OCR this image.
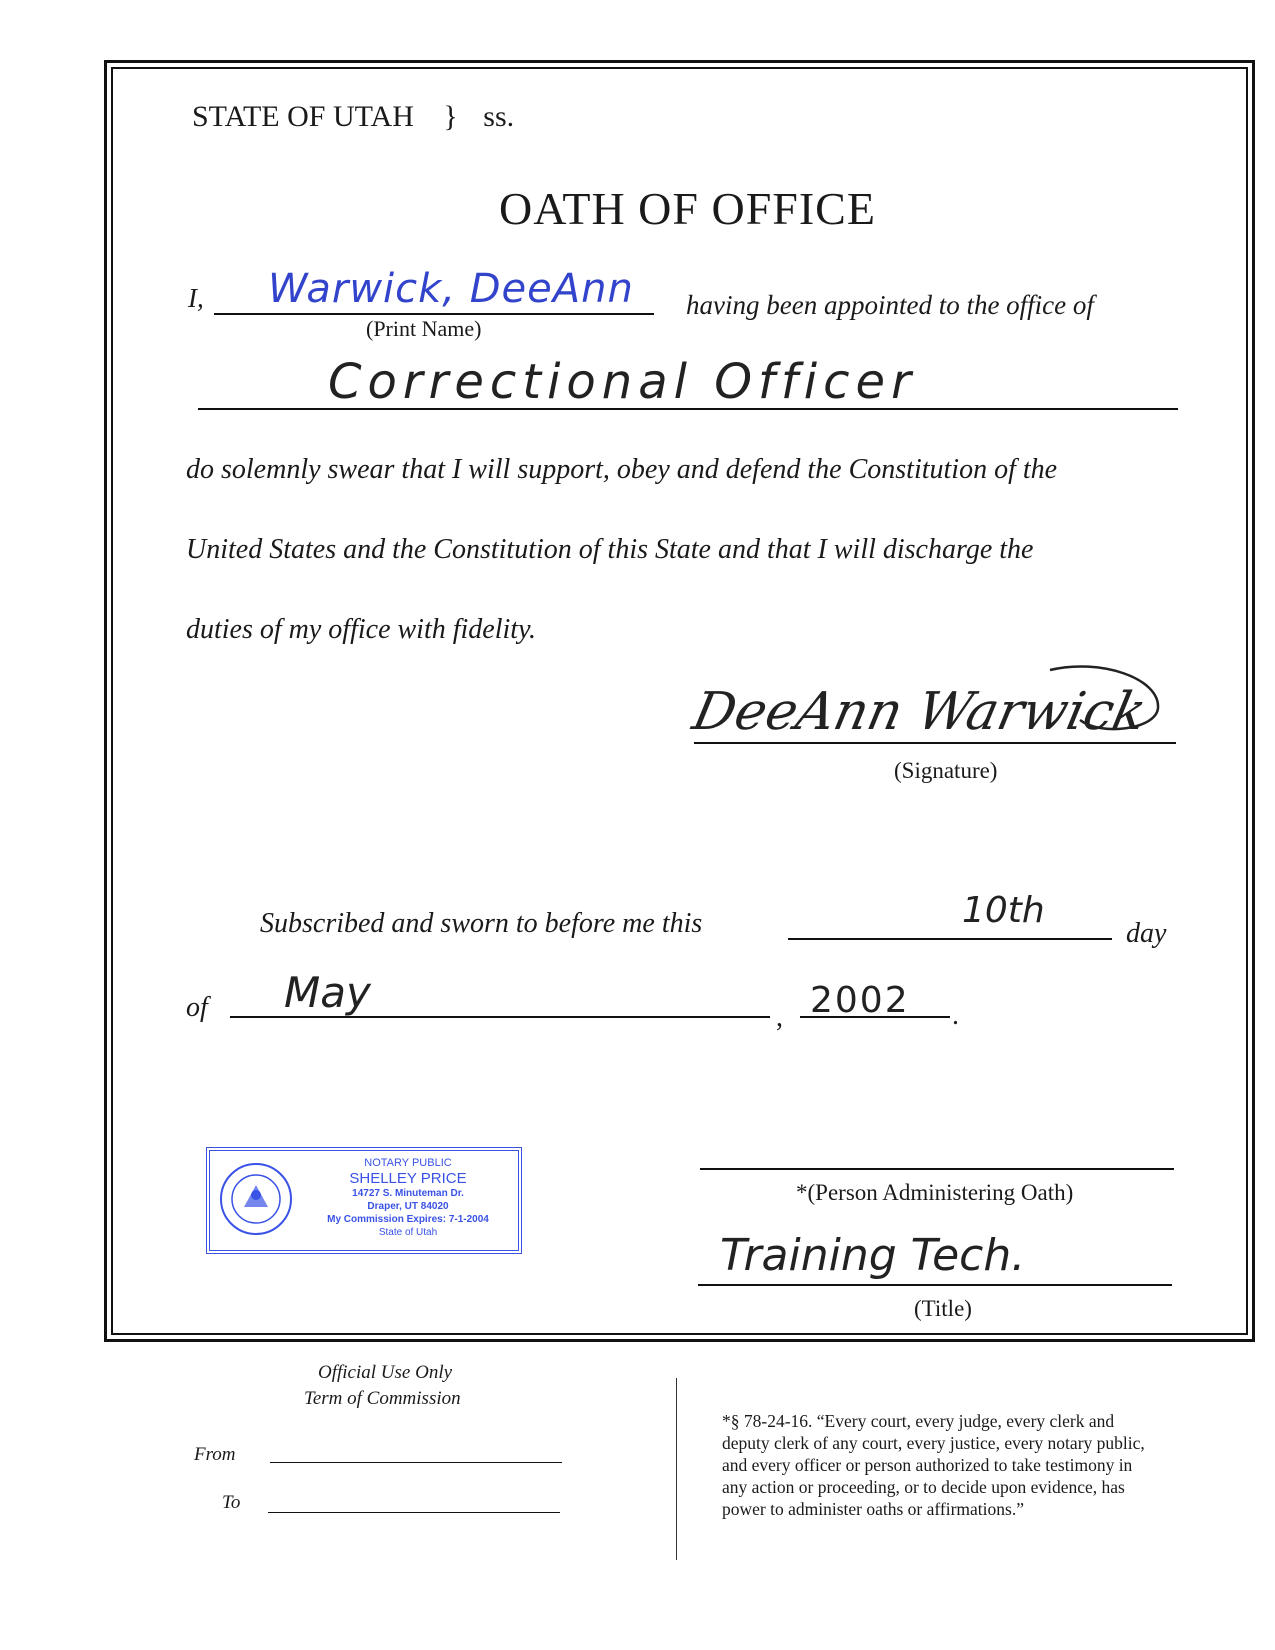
STATE OF UTAH } ss.
OATH OF OFFICE
I, Warwick, DeeAnn
(Print Name)
having been appointed to the office of
Correctional Officer
do solemnly swear that I will support, obey and defend the Constitution of the
United States and the Constitution of this State and that I will discharge the
duties of my office with fidelity.
DeeAnn Warwick
(Signature)
Subscribed and sworn to before me this	10th
day
of May
, 2002 .
NOTARY PUBLIC
SHELLEY PRICE
14727 S. Minuteman Dr.
Draper, UT 84020
My Commission Expires: 7-1-2004
State of Utah
*(Person Administering Oath)
Training Tech.
(Title)
Official Use Only
Term of Commission
From
To
*§ 78-24-16. “Every court, every judge, every clerk and
deputy clerk of any court, every justice, every notary public,
and every officer or person authorized to take testimony in
any action or proceeding, or to decide upon evidence, has
power to administer oaths or affirmations.”
